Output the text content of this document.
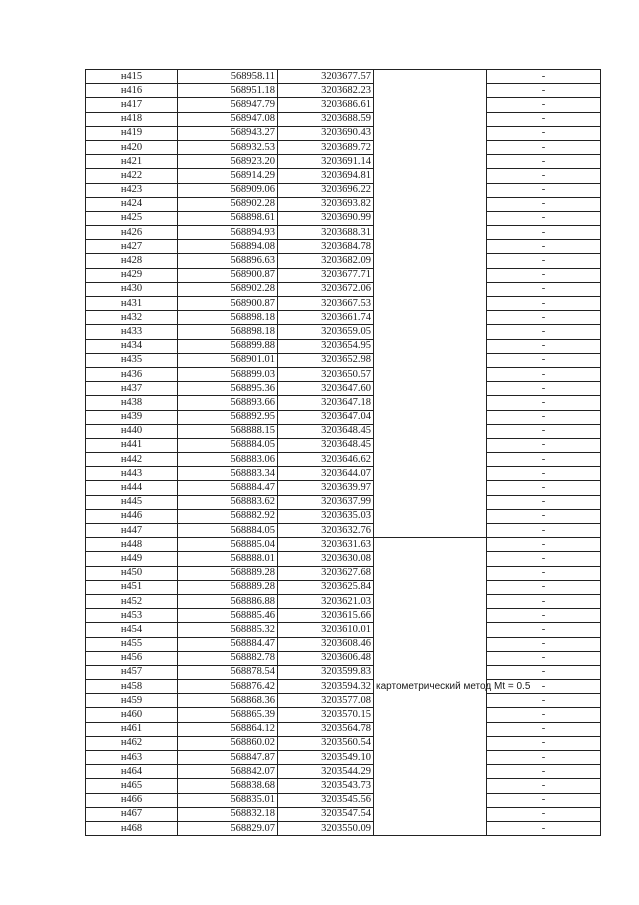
н415	568958.11	3203677.57		-
н416	568951.18	3203682.23		-
н417	568947.79	3203686.61		-
н418	568947.08	3203688.59		-
н419	568943.27	3203690.43		-
н420	568932.53	3203689.72		-
н421	568923.20	3203691.14		-
н422	568914.29	3203694.81		-
н423	568909.06	3203696.22		-
н424	568902.28	3203693.82		-
н425	568898.61	3203690.99		-
н426	568894.93	3203688.31		-
н427	568894.08	3203684.78		-
н428	568896.63	3203682.09		-
н429	568900.87	3203677.71		-
н430	568902.28	3203672.06		-
н431	568900.87	3203667.53		-
н432	568898.18	3203661.74		-
н433	568898.18	3203659.05		-
н434	568899.88	3203654.95		-
н435	568901.01	3203652.98		-
н436	568899.03	3203650.57		-
н437	568895.36	3203647.60		-
н438	568893.66	3203647.18		-
н439	568892.95	3203647.04		-
н440	568888.15	3203648.45		-
н441	568884.05	3203648.45		-
н442	568883.06	3203646.62		-
н443	568883.34	3203644.07		-
н444	568884.47	3203639.97		-
н445	568883.62	3203637.99		-
н446	568882.92	3203635.03		-
н447	568884.05	3203632.76		-
н448	568885.04	3203631.63	картометрический метод Mt = 0.5	-
н449	568888.01	3203630.08		-
н450	568889.28	3203627.68		-
н451	568889.28	3203625.84		-
н452	568886.88	3203621.03		-
н453	568885.46	3203615.66		-
н454	568885.32	3203610.01		-
н455	568884.47	3203608.46		-
н456	568882.78	3203606.48		-
н457	568878.54	3203599.83		-
н458	568876.42	3203594.32		-
н459	568868.36	3203577.08		-
н460	568865.39	3203570.15		-
н461	568864.12	3203564.78		-
н462	568860.02	3203560.54		-
н463	568847.87	3203549.10		-
н464	568842.07	3203544.29		-
н465	568838.68	3203543.73		-
н466	568835.01	3203545.56		-
н467	568832.18	3203547.54		-
н468	568829.07	3203550.09		-
